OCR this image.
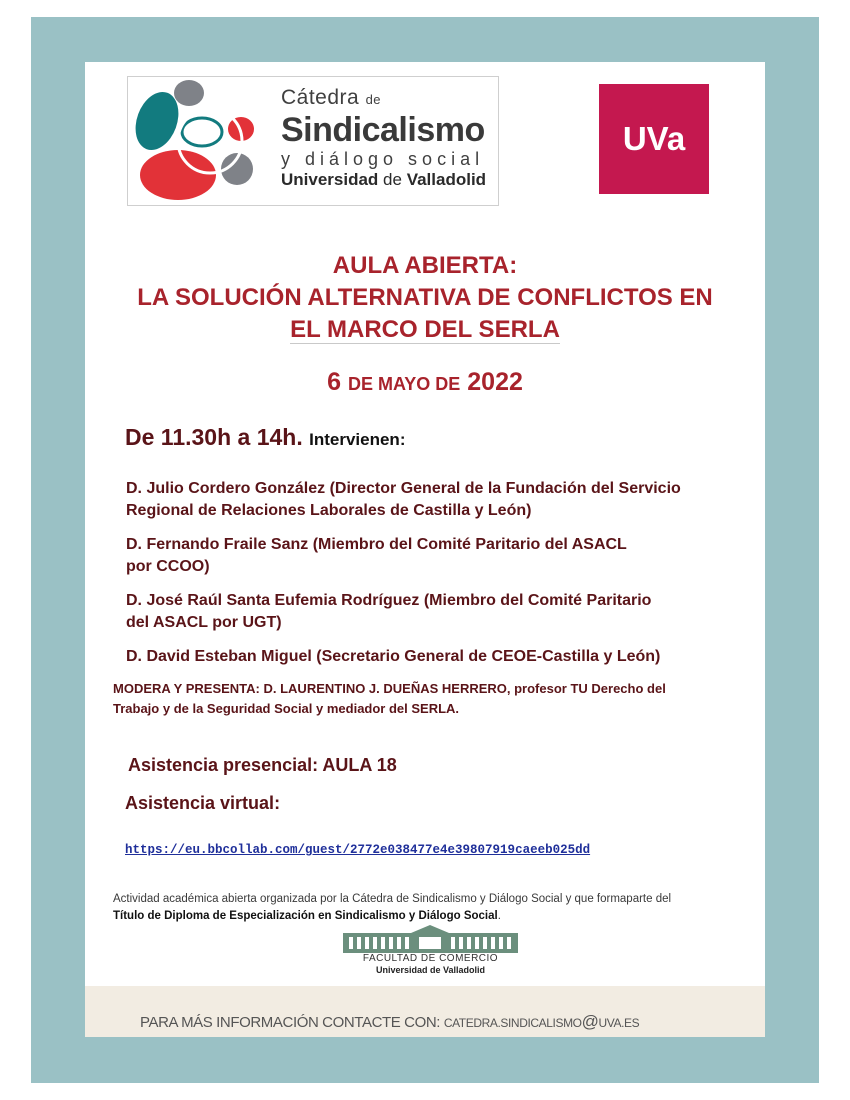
Cátedra de
Sindicalismo
y diálogo social
Universidad de Valladolid
UVa
AULA ABIERTA:
LA SOLUCIÓN ALTERNATIVA DE CONFLICTOS EN
EL MARCO DEL SERLA
6 DE MAYO DE 2022
De 11.30h a 14h. Intervienen:
D. Julio Cordero González (Director General de la Fundación del Servicio
Regional de Relaciones Laborales de Castilla y León)
D. Fernando Fraile Sanz (Miembro del Comité Paritario del ASACL
por CCOO)
D. José Raúl Santa Eufemia Rodríguez (Miembro del Comité Paritario
del ASACL por UGT)
D. David Esteban Miguel (Secretario General de CEOE-Castilla y León)
MODERA Y PRESENTA: D. LAURENTINO J. DUEÑAS HERRERO, profesor TU Derecho del
Trabajo y de la Seguridad Social y mediador del SERLA.
Asistencia presencial: AULA 18
Asistencia virtual:
https://eu.bbcollab.com/guest/2772e038477e4e39807919caeeb025dd
Actividad académica abierta organizada por la Cátedra de Sindicalismo y Diálogo Social y que formaparte del
Título de Diploma de Especialización en Sindicalismo y Diálogo Social.
FACULTAD DE COMERCIO
Universidad de Valladolid
PARA MÁS INFORMACIÓN CONTACTE CON: CATEDRA.SINDICALISMO@UVA.ES
